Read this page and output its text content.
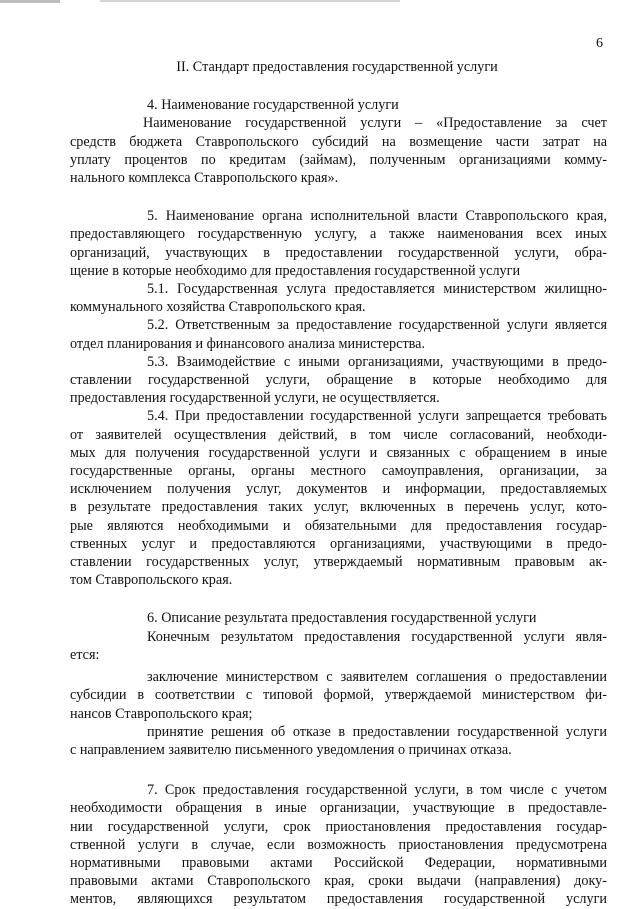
6
II. Стандарт предоставления государственной услуги
4. Наименование государственной услуги
Наименование государственной услуги – «Предоставление за счет
средств бюджета Ставропольского субсидий на возмещение части затрат на
уплату процентов по кредитам (займам), полученным организациями комму-
нального комплекса Ставропольского края».
5. Наименование органа исполнительной власти Ставропольского края,
предоставляющего государственную услугу, а также наименования всех иных
организаций, участвующих в предоставлении государственной услуги, обра-
щение в которые необходимо для предоставления государственной услуги
5.1. Государственная услуга предоставляется министерством жилищно-
коммунального хозяйства Ставропольского края.
5.2. Ответственным за предоставление государственной услуги является
отдел планирования и финансового анализа министерства.
5.3. Взаимодействие с иными организациями, участвующими в предо-
ставлении государственной услуги, обращение в которые необходимо для
предоставления государственной услуги, не осуществляется.
5.4. При предоставлении государственной услуги запрещается требовать
от заявителей осуществления действий, в том числе согласований, необходи-
мых для получения государственной услуги и связанных с обращением в иные
государственные органы, органы местного самоуправления, организации, за
исключением получения услуг, документов и информации, предоставляемых
в результате предоставления таких услуг, включенных в перечень услуг, кото-
рые являются необходимыми и обязательными для предоставления государ-
ственных услуг и предоставляются организациями, участвующими в предо-
ставлении государственных услуг, утверждаемый нормативным правовым ак-
том Ставропольского края.
6. Описание результата предоставления государственной услуги
Конечным результатом предоставления государственной услуги явля-
ется:
заключение министерством с заявителем соглашения о предоставлении
субсидии в соответствии с типовой формой, утверждаемой министерством фи-
нансов Ставропольского края;
принятие решения об отказе в предоставлении государственной услуги
с направлением заявителю письменного уведомления о причинах отказа.
7. Срок предоставления государственной услуги, в том числе с учетом
необходимости обращения в иные организации, участвующие в предоставле-
нии государственной услуги, срок приостановления предоставления государ-
ственной услуги в случае, если возможность приостановления предусмотрена
нормативными правовыми актами Российской Федерации, нормативными
правовыми актами Ставропольского края, сроки выдачи (направления) доку-
ментов, являющихся результатом предоставления государственной услуги
